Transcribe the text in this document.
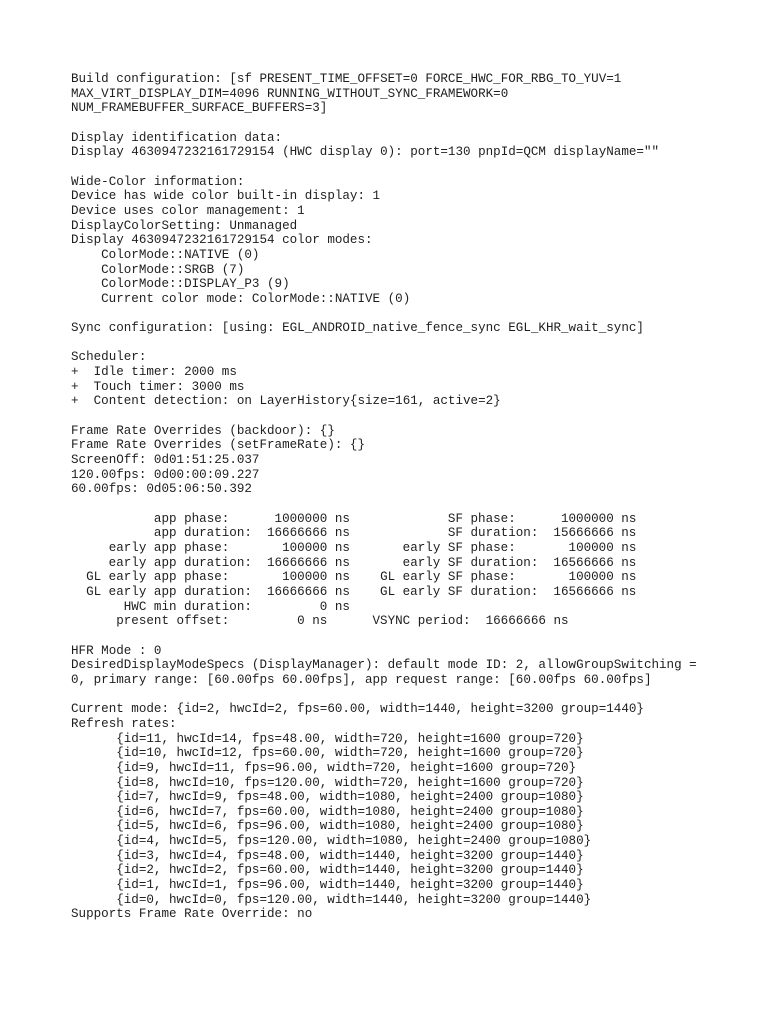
Build configuration: [sf PRESENT_TIME_OFFSET=0 FORCE_HWC_FOR_RBG_TO_YUV=1
MAX_VIRT_DISPLAY_DIM=4096 RUNNING_WITHOUT_SYNC_FRAMEWORK=0
NUM_FRAMEBUFFER_SURFACE_BUFFERS=3]
Display identification data:
Display 4630947232161729154 (HWC display 0): port=130 pnpId=QCM displayName=""
Wide-Color information:
Device has wide color built-in display: 1
Device uses color management: 1
DisplayColorSetting: Unmanaged
Display 4630947232161729154 color modes:
ColorMode::NATIVE (0)
ColorMode::SRGB (7)
ColorMode::DISPLAY_P3 (9)
Current color mode: ColorMode::NATIVE (0)
Sync configuration: [using: EGL_ANDROID_native_fence_sync EGL_KHR_wait_sync]
Scheduler:
+  Idle timer: 2000 ms
+  Touch timer: 3000 ms
+  Content detection: on LayerHistory{size=161, active=2}
Frame Rate Overrides (backdoor): {}
Frame Rate Overrides (setFrameRate): {}
ScreenOff: 0d01:51:25.037
120.00fps: 0d00:00:09.227
60.00fps: 0d05:06:50.392
app phase:	1000000 ns	SF phase:	1000000 ns
app duration:	16666666 ns	SF duration:	15666666 ns
early app phase:	100000 ns	early SF phase:	100000 ns
early app duration:	16666666 ns	early SF duration:	16566666 ns
GL early app phase:	100000 ns	GL early SF phase:	100000 ns
GL early app duration:	16666666 ns	GL early SF duration:	16566666 ns
HWC min duration:	0 ns
present offset:	0 ns	VSYNC period:	16666666 ns
HFR Mode : 0
DesiredDisplayModeSpecs (DisplayManager): default mode ID: 2, allowGroupSwitching =
0, primary range: [60.00fps 60.00fps], app request range: [60.00fps 60.00fps]
Current mode: {id=2, hwcId=2, fps=60.00, width=1440, height=3200 group=1440}
Refresh rates:
{id=11, hwcId=14, fps=48.00, width=720, height=1600 group=720}
{id=10, hwcId=12, fps=60.00, width=720, height=1600 group=720}
{id=9, hwcId=11, fps=96.00, width=720, height=1600 group=720}
{id=8, hwcId=10, fps=120.00, width=720, height=1600 group=720}
{id=7, hwcId=9, fps=48.00, width=1080, height=2400 group=1080}
{id=6, hwcId=7, fps=60.00, width=1080, height=2400 group=1080}
{id=5, hwcId=6, fps=96.00, width=1080, height=2400 group=1080}
{id=4, hwcId=5, fps=120.00, width=1080, height=2400 group=1080}
{id=3, hwcId=4, fps=48.00, width=1440, height=3200 group=1440}
{id=2, hwcId=2, fps=60.00, width=1440, height=3200 group=1440}
{id=1, hwcId=1, fps=96.00, width=1440, height=3200 group=1440}
{id=0, hwcId=0, fps=120.00, width=1440, height=3200 group=1440}
Supports Frame Rate Override: no
